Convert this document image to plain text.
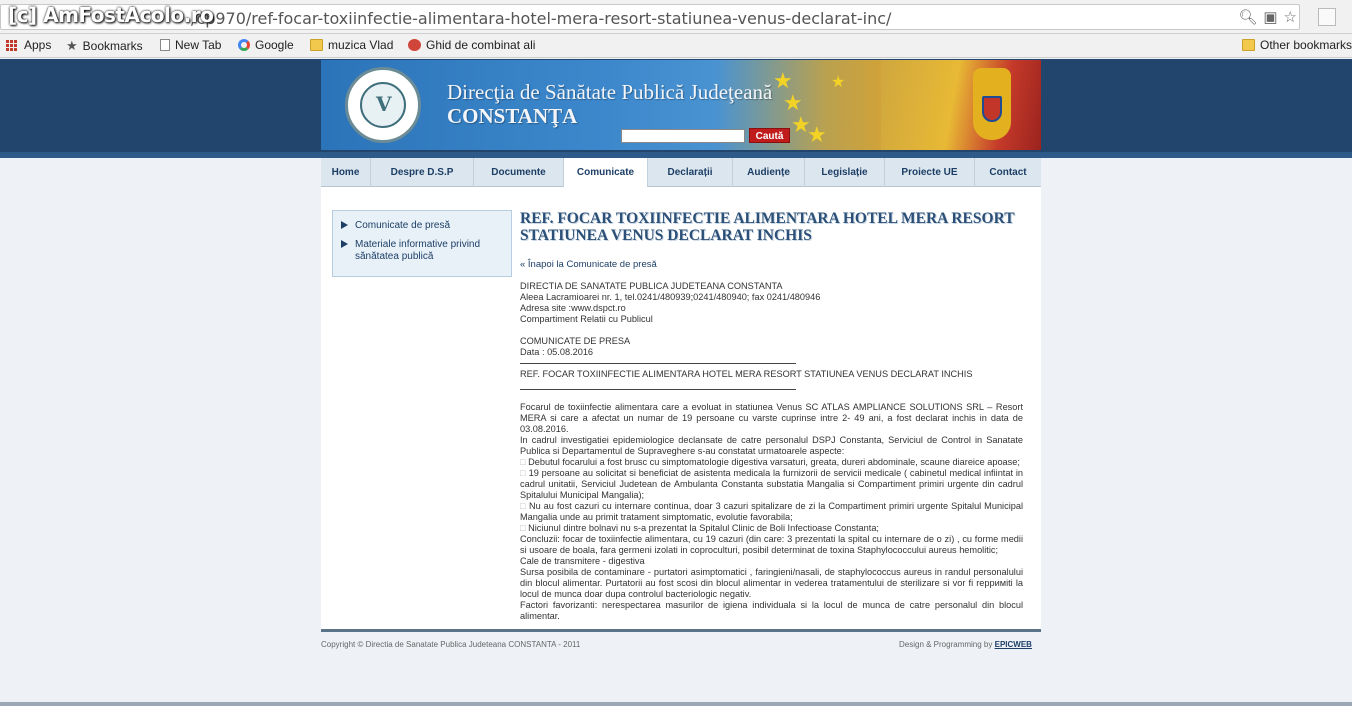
/cp970/ref-focar-toxiinfectie-alimentara-hotel-mera-resort-statiunea-venus-declarat-inc/	🔍︎ ▣ ☆
[c] AmFostAcolo.ro
Apps ★ Bookmarks	New Tab	Google	muzica Vlad	Ghid de combinat ali	Other bookmarks
V	Direcţia de Sănătate Publică Judeţeană
CONSTANŢA
★
★
★
★
★
Caută
Home	Despre D.S.P	Documente	Comunicate	Declarații	Audiențe	Legislație	Proiecte UE	Contact
Comunicate de presă
Materiale informative privind sănătatea publică
REF. FOCAR TOXIINFECTIE ALIMENTARA HOTEL MERA RESORT STATIUNEA VENUS DECLARAT INCHIS
« Înapoi la Comunicate de presă

DIRECTIA DE SANATATE PUBLICA JUDETEANA CONSTANTA

Aleea Lacramioarei nr. 1, tel.0241/480939;0241/480940; fax 0241/480946

Adresa site :www.dspct.ro

Compartiment Relatii cu Publicul

COMUNICATE DE PRESA

Data : 05.08.2016

REF. FOCAR TOXIINFECTIE ALIMENTARA HOTEL MERA RESORT STATIUNEA VENUS DECLARAT INCHIS

Focarul de toxiinfectie alimentara care a evoluat in statiunea Venus SC ATLAS AMPLIANCE SOLUTIONS SRL – Resort MERA si care a afectat un numar de 19 persoane cu varste cuprinse intre 2- 49 ani, a fost declarat inchis in data de 03.08.2016.

In cadrul investigatiei epidemiologice declansate de catre personalul DSPJ Constanta, Serviciul de Control in Sanatate Publica si Departamentul de Supraveghere s-au constatat urmatoarele aspecte:

□ Debutul focarului a fost brusc cu simptomatologie digestiva varsaturi, greata, dureri abdominale, scaune diareice apoase;

□ 19 persoane au solicitat si beneficiat de asistenta medicala la furnizorii de servicii medicale ( cabinetul medical infiintat in cadrul unitatii, Serviciul Judetean de Ambulanta Constanta substatia Mangalia si Compartiment primiri urgente din cadrul Spitalului Municipal Mangalia);

□ Nu au fost cazuri cu internare continua, doar 3 cazuri spitalizare de zi la Compartiment primiri urgente Spitalul Municipal Mangalia unde au primit tratament simptomatic, evolutie favorabila;

□ Niciunul dintre bolnavi nu s-a prezentat la Spitalul Clinic de Boli Infectioase Constanta;

Concluzii: focar de toxiinfectie alimentara, cu 19 cazuri (din care: 3 prezentati la spital cu internare de o zi) , cu forme medii si usoare de boala, fara germeni izolati in coproculturi, posibil determinat de toxina Staphylococcului aureus hemolitic;

Cale de transmitere - digestiva

Sursa posibila de contaminare - purtatori asimptomatici , faringieni/nasali, de staphylococcus aureus in randul personalului din blocul alimentar. Purtatorii au fost scosi din blocul alimentar in vederea tratamentului de sterilizare si vor fi repримiti la locul de munca doar dupa controlul bacteriologic negativ.

Factori favorizanti: nerespectarea masurilor de igiena individuala si la locul de munca de catre personalul din blocul alimentar.

Copyright © Directia de Sanatate Publica Judeteana CONSTANTA - 2011	Design & Programming by EPICWEB
